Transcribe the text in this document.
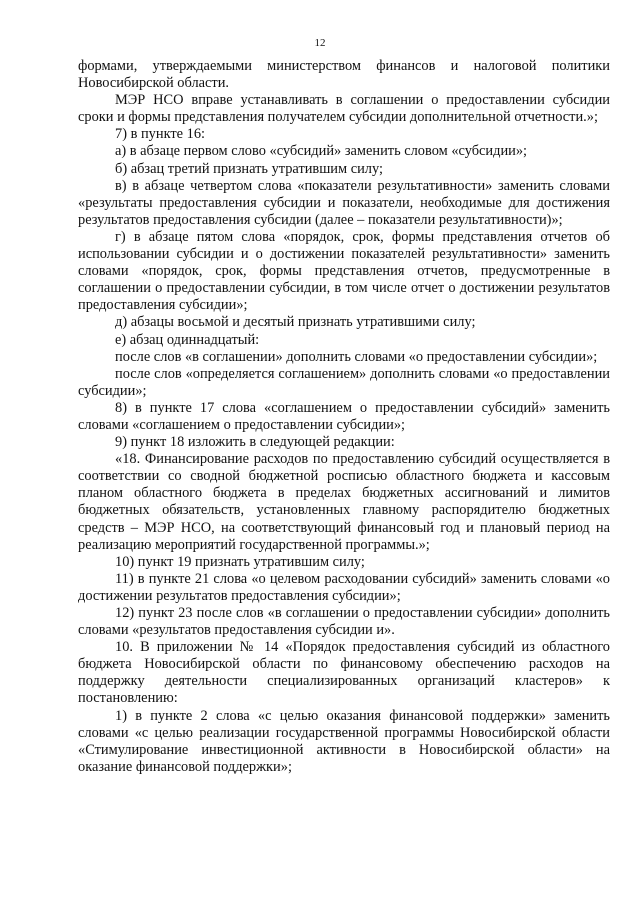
12

формами, утверждаемыми министерством финансов и налоговой политики Новосибирской области.

МЭР НСО вправе устанавливать в соглашении о предоставлении субсидии сроки и формы представления получателем субсидии дополнительной отчетности.»;

7) в пункте 16:

а) в абзаце первом слово «субсидий» заменить словом «субсидии»;

б) абзац третий признать утратившим силу;

в) в абзаце четвертом слова «показатели результативности» заменить словами «результаты предоставления субсидии и показатели, необходимые для достижения результатов предоставления субсидии (далее – показатели результативности)»;

г) в абзаце пятом слова «порядок, срок, формы представления отчетов об использовании субсидии и о достижении показателей результативности» заменить словами «порядок, срок, формы представления отчетов, предусмотренные в соглашении о предоставлении субсидии, в том числе отчет о достижении результатов предоставления субсидии»;

д) абзацы восьмой и десятый признать утратившими силу;

е) абзац одиннадцатый:

после слов «в соглашении» дополнить словами «о предоставлении субсидии»;

после слов «определяется соглашением» дополнить словами «о предоставлении субсидии»;

8) в пункте 17 слова «соглашением о предоставлении субсидий» заменить словами «соглашением о предоставлении субсидии»;

9) пункт 18 изложить в следующей редакции:

«18. Финансирование расходов по предоставлению субсидий осуществляется в соответствии со сводной бюджетной росписью областного бюджета и кассовым планом областного бюджета в пределах бюджетных ассигнований и лимитов бюджетных обязательств, установленных главному распорядителю бюджетных средств – МЭР НСО, на соответствующий финансовый год и плановый период на реализацию мероприятий государственной программы.»;

10) пункт 19 признать утратившим силу;

11) в пункте 21 слова «о целевом расходовании субсидий» заменить словами «о достижении результатов предоставления субсидии»;

12) пункт 23 после слов «в соглашении о предоставлении субсидии» дополнить словами «результатов предоставления субсидии и».

10. В приложении № 14 «Порядок предоставления субсидий из областного бюджета Новосибирской области по финансовому обеспечению расходов на поддержку деятельности специализированных организаций кластеров» к постановлению:

1) в пункте 2 слова «с целью оказания финансовой поддержки» заменить словами «с целью реализации государственной программы Новосибирской области «Стимулирование инвестиционной активности в Новосибирской области» на оказание финансовой поддержки»;
